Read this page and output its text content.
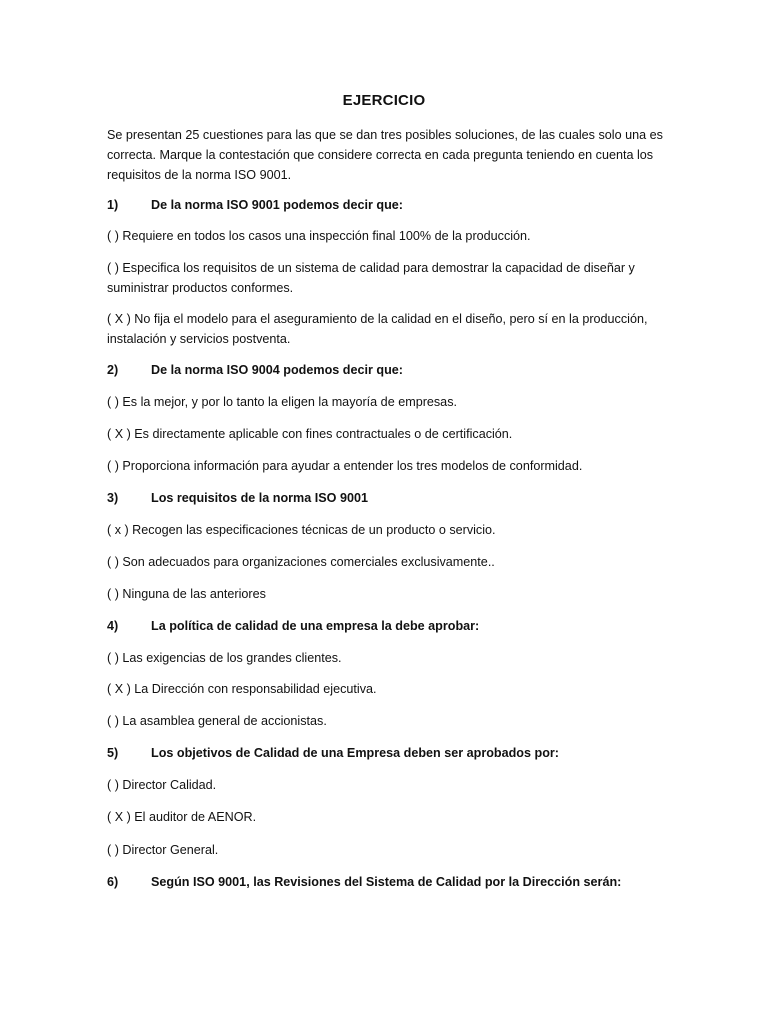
EJERCICIO
Se presentan 25 cuestiones para las que se dan tres posibles soluciones, de las cuales solo una es
correcta. Marque la contestación que considere correcta en cada pregunta teniendo en cuenta los
requisitos de la norma ISO 9001.
1)	De la norma ISO 9001 podemos decir que:
( ) Requiere en todos los casos una inspección final 100% de la producción.
( ) Especifica los requisitos de un sistema de calidad para demostrar la capacidad de diseñar y
suministrar productos conformes.
( X ) No fija el modelo para el aseguramiento de la calidad en el diseño, pero sí en la producción,
instalación y servicios postventa.
2)	De la norma ISO 9004 podemos decir que:
( ) Es la mejor, y por lo tanto la eligen la mayoría de empresas.
( X ) Es directamente aplicable con fines contractuales o de certificación.
( ) Proporciona información para ayudar a entender los tres modelos de conformidad.
3)	Los requisitos de la norma ISO 9001
( x ) Recogen las especificaciones técnicas de un producto o servicio.
( ) Son adecuados para organizaciones comerciales exclusivamente..
( ) Ninguna de las anteriores
4)	La política de calidad de una empresa la debe aprobar:
( ) Las exigencias de los grandes clientes.
( X ) La Dirección con responsabilidad ejecutiva.
( ) La asamblea general de accionistas.
5)	Los objetivos de Calidad de una Empresa deben ser aprobados por:
( ) Director Calidad.
( X ) El auditor de AENOR.
( ) Director General.
6)	Según ISO 9001, las Revisiones del Sistema de Calidad por la Dirección serán:
